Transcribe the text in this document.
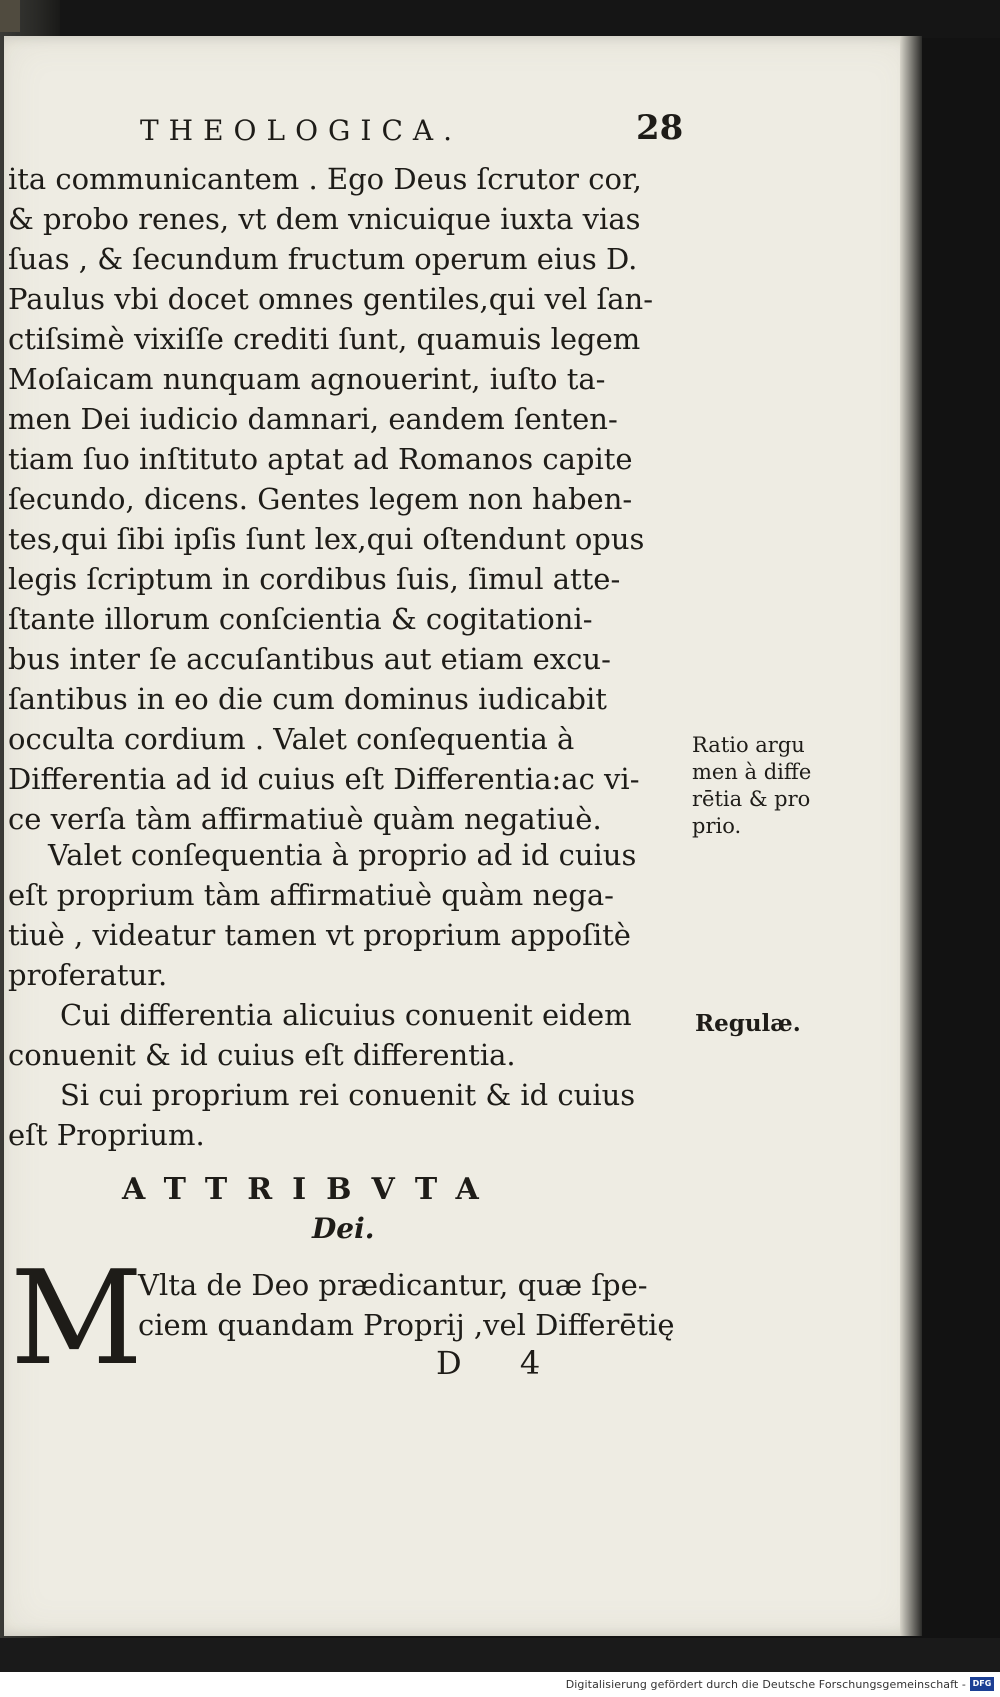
THEOLOGICA.	28
ita communicantem . Ego Deus ſcrutor cor,
& probo renes, vt dem vnicuique iuxta vias
ſuas , & ſecundum fructum operum eius D.
Paulus vbi docet omnes gentiles,qui vel ſan-
ctiſsimè vixiſſe crediti ſunt, quamuis legem
Moſaicam nunquam agnouerint, iuſto ta-
men Dei iudicio damnari, eandem ſenten-
tiam ſuo inſtituto aptat ad Romanos capite
ſecundo, dicens. Gentes legem non haben-
tes,qui ſibi ipſis ſunt lex,qui oſtendunt opus
legis ſcriptum in cordibus ſuis, ſimul atte-
ſtante illorum conſcientia & cogitationi-
bus inter ſe accuſantibus aut etiam excu-
ſantibus in eo die cum dominus iudicabit
occulta cordium . Valet conſequentia à
Differentia ad id cuius eſt Differentia:ac vi-
ce verſa tàm affirmatiuè quàm negatiuè.
Valet conſequentia à proprio ad id cuius
eſt proprium tàm affirmatiuè quàm nega-
tiuè , videatur tamen vt proprium appoſitè
proferatur.
Cui differentia alicuius conuenit eidem
conuenit & id cuius eſt differentia.
Si cui proprium rei conuenit & id cuius
eſt Proprium.
Ratio argu
men à diffe
rētia & pro
prio.
Regulæ.
ATTRIBVTA
Dei.
M
Vlta de Deo prædicantur, quæ ſpe-
ciem quandam Proprij ,vel Differētię
D 4
Digitalisierung gefördert durch die Deutsche Forschungsgemeinschaft - DFG
